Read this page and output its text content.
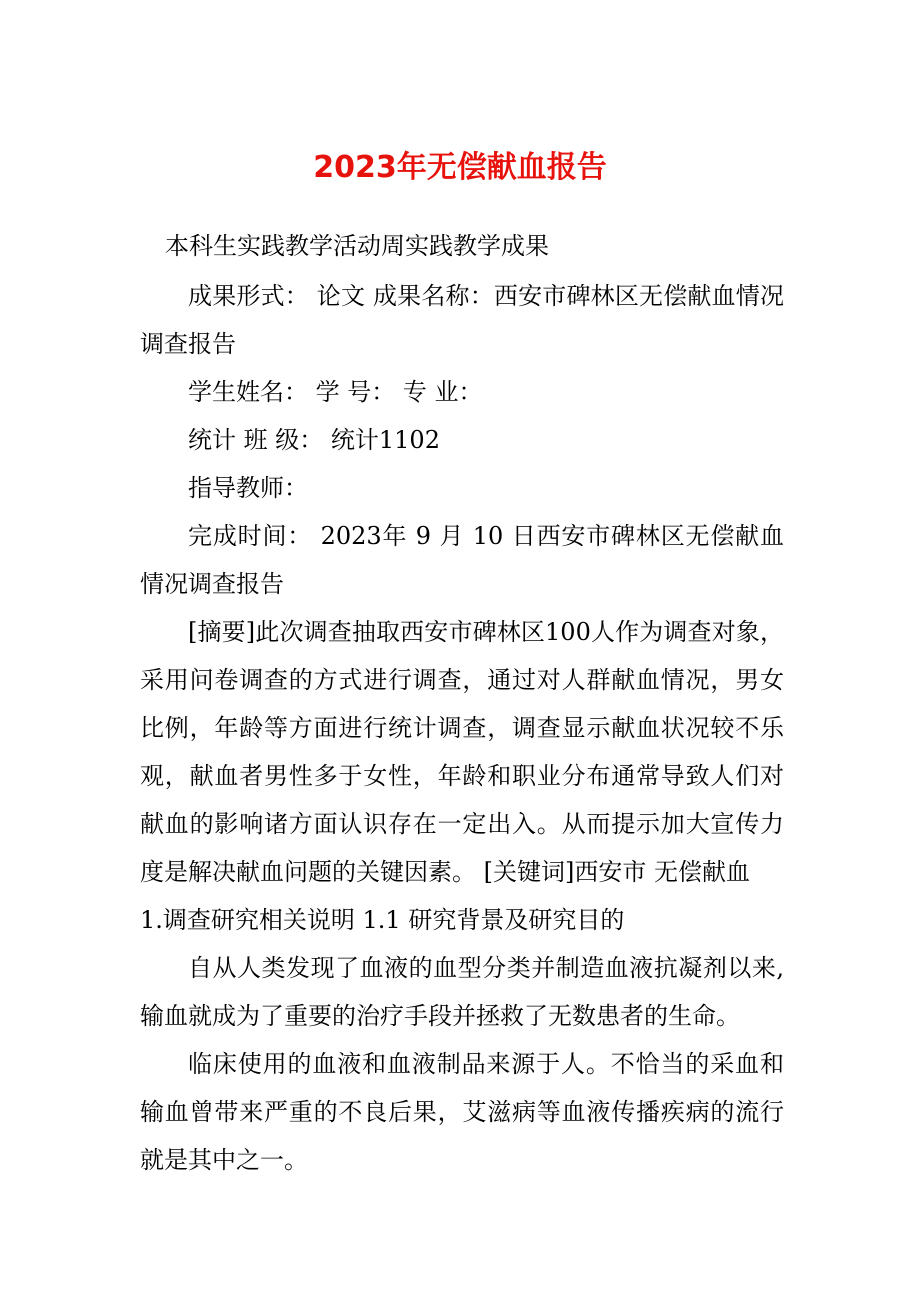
2023年无偿献血报告

本科生实践教学活动周实践教学成果

成果形式： 论文 成果名称：西安市碑林区无偿献血情况调查报告

学生姓名： 学 号： 专 业：

统计 班 级： 统计1102

指导教师：

完成时间： 2023年 9 月 10 日西安市碑林区无偿献血情况调查报告

[摘要]此次调查抽取西安市碑林区100人作为调查对象，采用问卷调查的方式进行调查，通过对人群献血情况，男女比例，年龄等方面进行统计调查，调查显示献血状况较不乐观，献血者男性多于女性，年龄和职业分布通常导致人们对献血的影响诸方面认识存在一定出入。从而提示加大宣传力度是解决献血问题的关键因素。 [关键词]西安市 无偿献血

1.调查研究相关说明 1.1 研究背景及研究目的

自从人类发现了血液的血型分类并制造血液抗凝剂以来,输血就成为了重要的治疗手段并拯救了无数患者的生命。

临床使用的血液和血液制品来源于人。不恰当的采血和输血曾带来严重的不良后果，艾滋病等血液传播疾病的流行就是其中之一。
